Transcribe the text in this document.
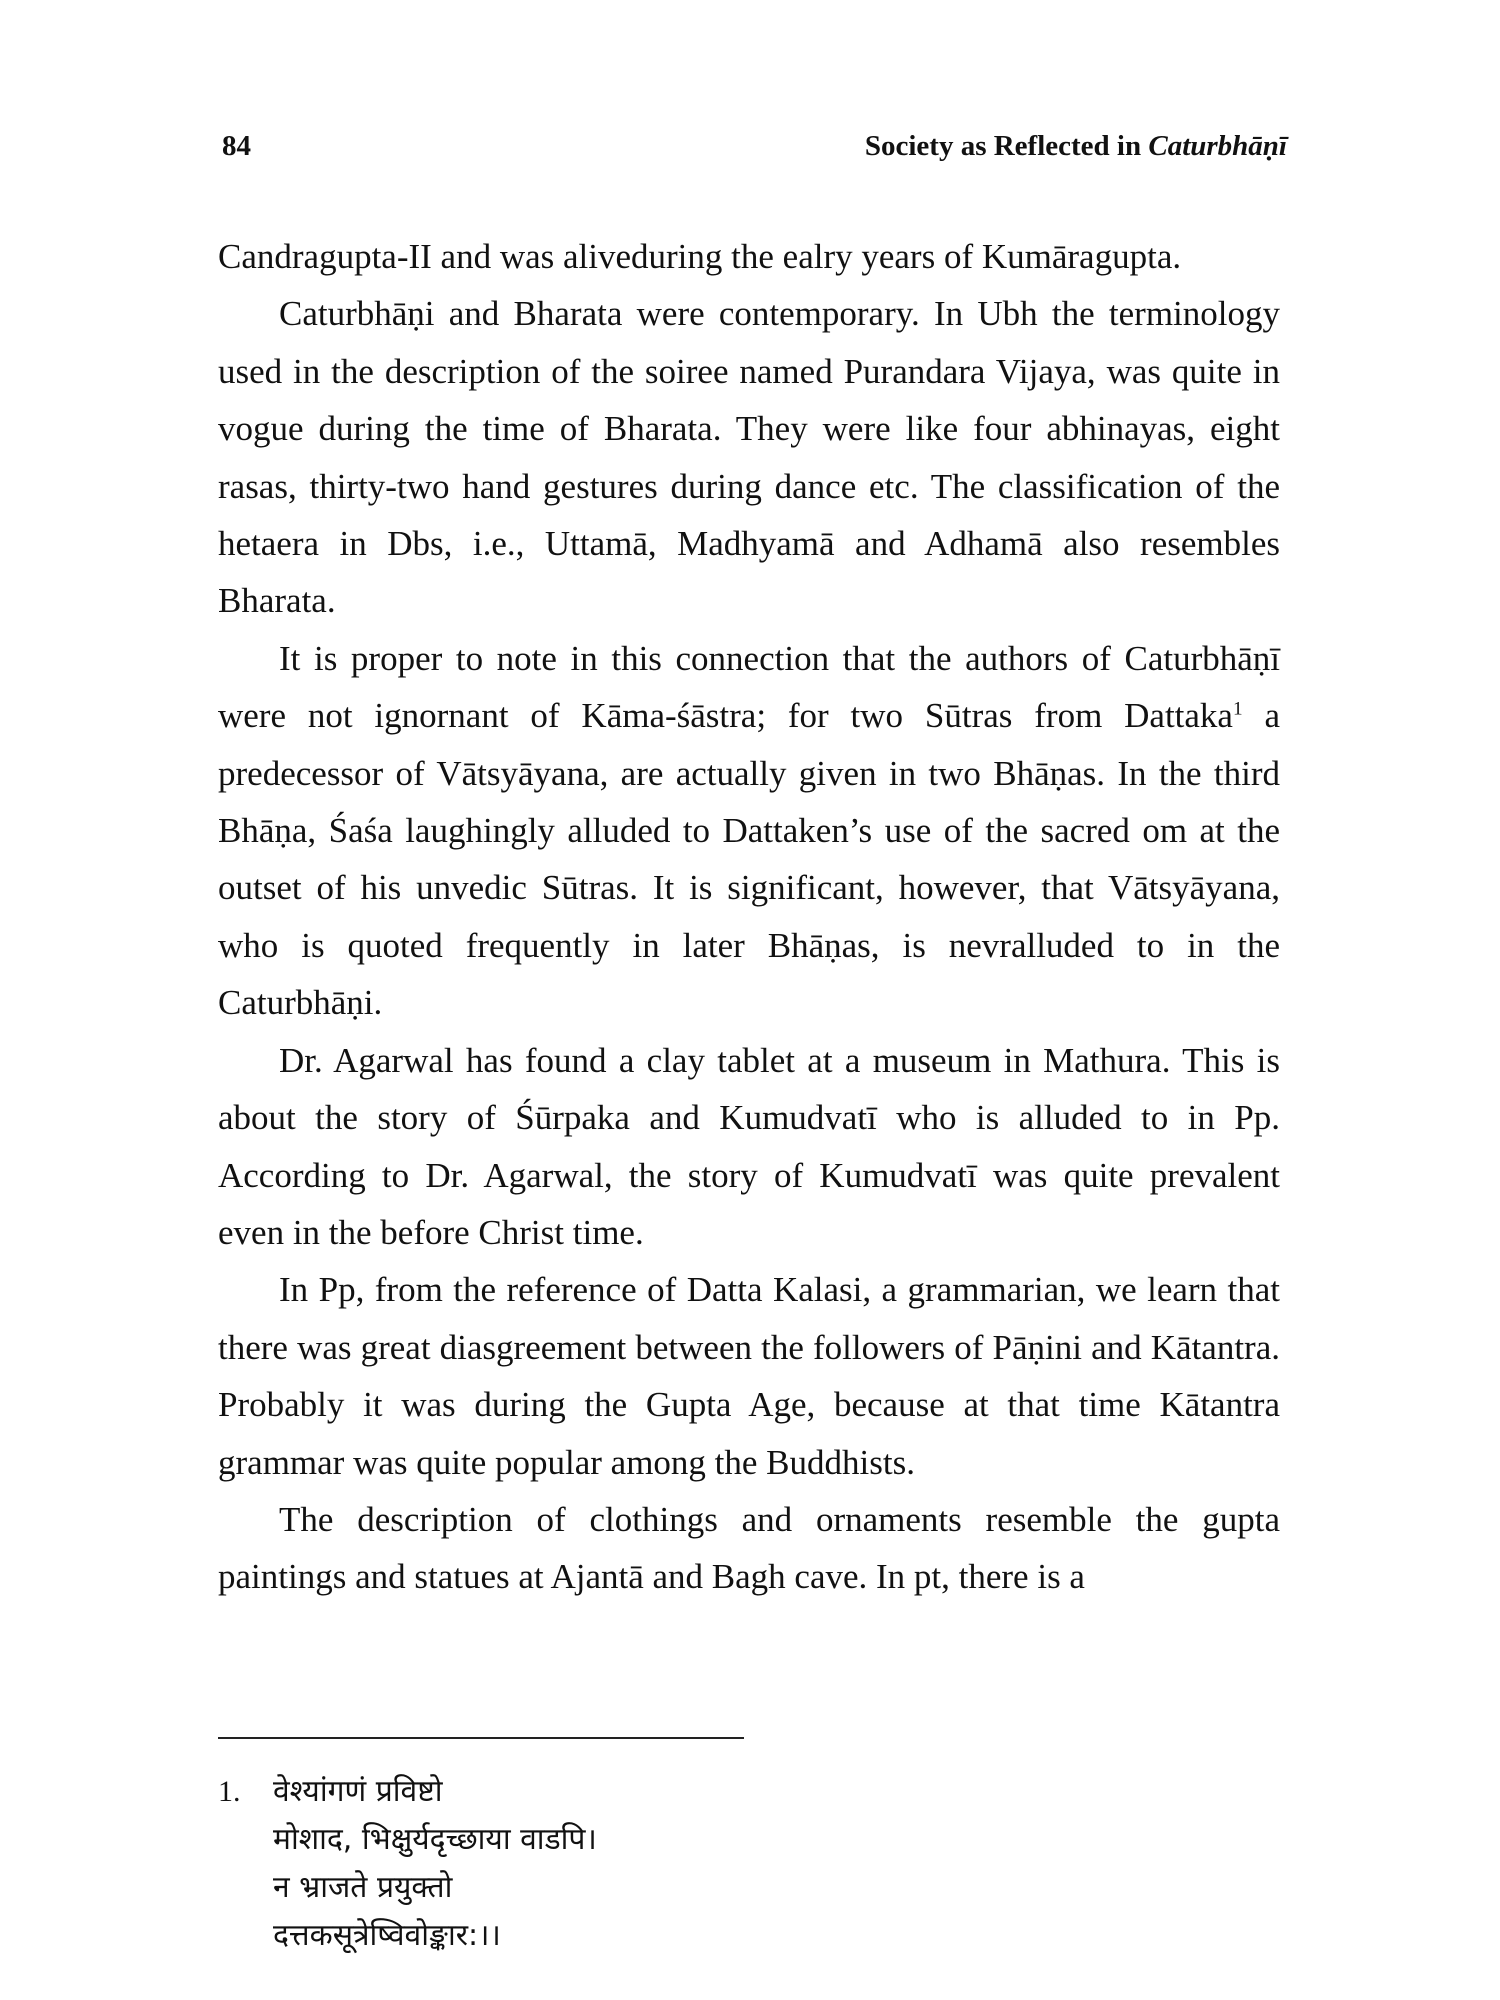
84	Society as Reflected in Caturbhāṇī

Candragupta-II and was aliveduring the ealry years of Kumāragupta.

Caturbhāṇi and Bharata were contemporary. In Ubh the terminology used in the description of the soiree named Purandara Vijaya, was quite in vogue during the time of Bharata. They were like four abhinayas, eight rasas, thirty-two hand gestures during dance etc. The classification of the hetaera in Dbs, i.e., Uttamā, Madhyamā and Adhamā also resembles Bharata.

It is proper to note in this connection that the authors of Caturbhāṇī were not ignornant of Kāma-śāstra; for two Sūtras from Dattaka$^1$ a predecessor of Vātsyāyana, are actually given in two Bhāṇas. In the third Bhāṇa, Śaśa laughingly alluded to Dattaken’s use of the sacred om at the outset of his unvedic Sūtras. It is significant, however, that Vātsyāyana, who is quoted frequently in later Bhāṇas, is nevralluded to in the Caturbhāṇi.

Dr. Agarwal has found a clay tablet at a museum in Mathura. This is about the story of Śūrpaka and Kumudvatī who is alluded to in Pp. According to Dr. Agarwal, the story of Kumudvatī was quite prevalent even in the before Christ time.

In Pp, from the reference of Datta Kalasi, a grammarian, we learn that there was great diasgreement between the followers of Pāṇini and Kātantra. Probably it was during the Gupta Age, because at that time Kātantra grammar was quite popular among the Buddhists.

The description of clothings and ornaments resemble the gupta paintings and statues at Ajantā and Bagh cave. In pt, there is a

1. वेश्यांगणं प्रविष्टो
मोशाद, भिक्षुर्यदृच्छाया वाडपि।
न भ्राजते प्रयुक्तो
दत्तकसूत्रेष्विवोङ्कार:।।
